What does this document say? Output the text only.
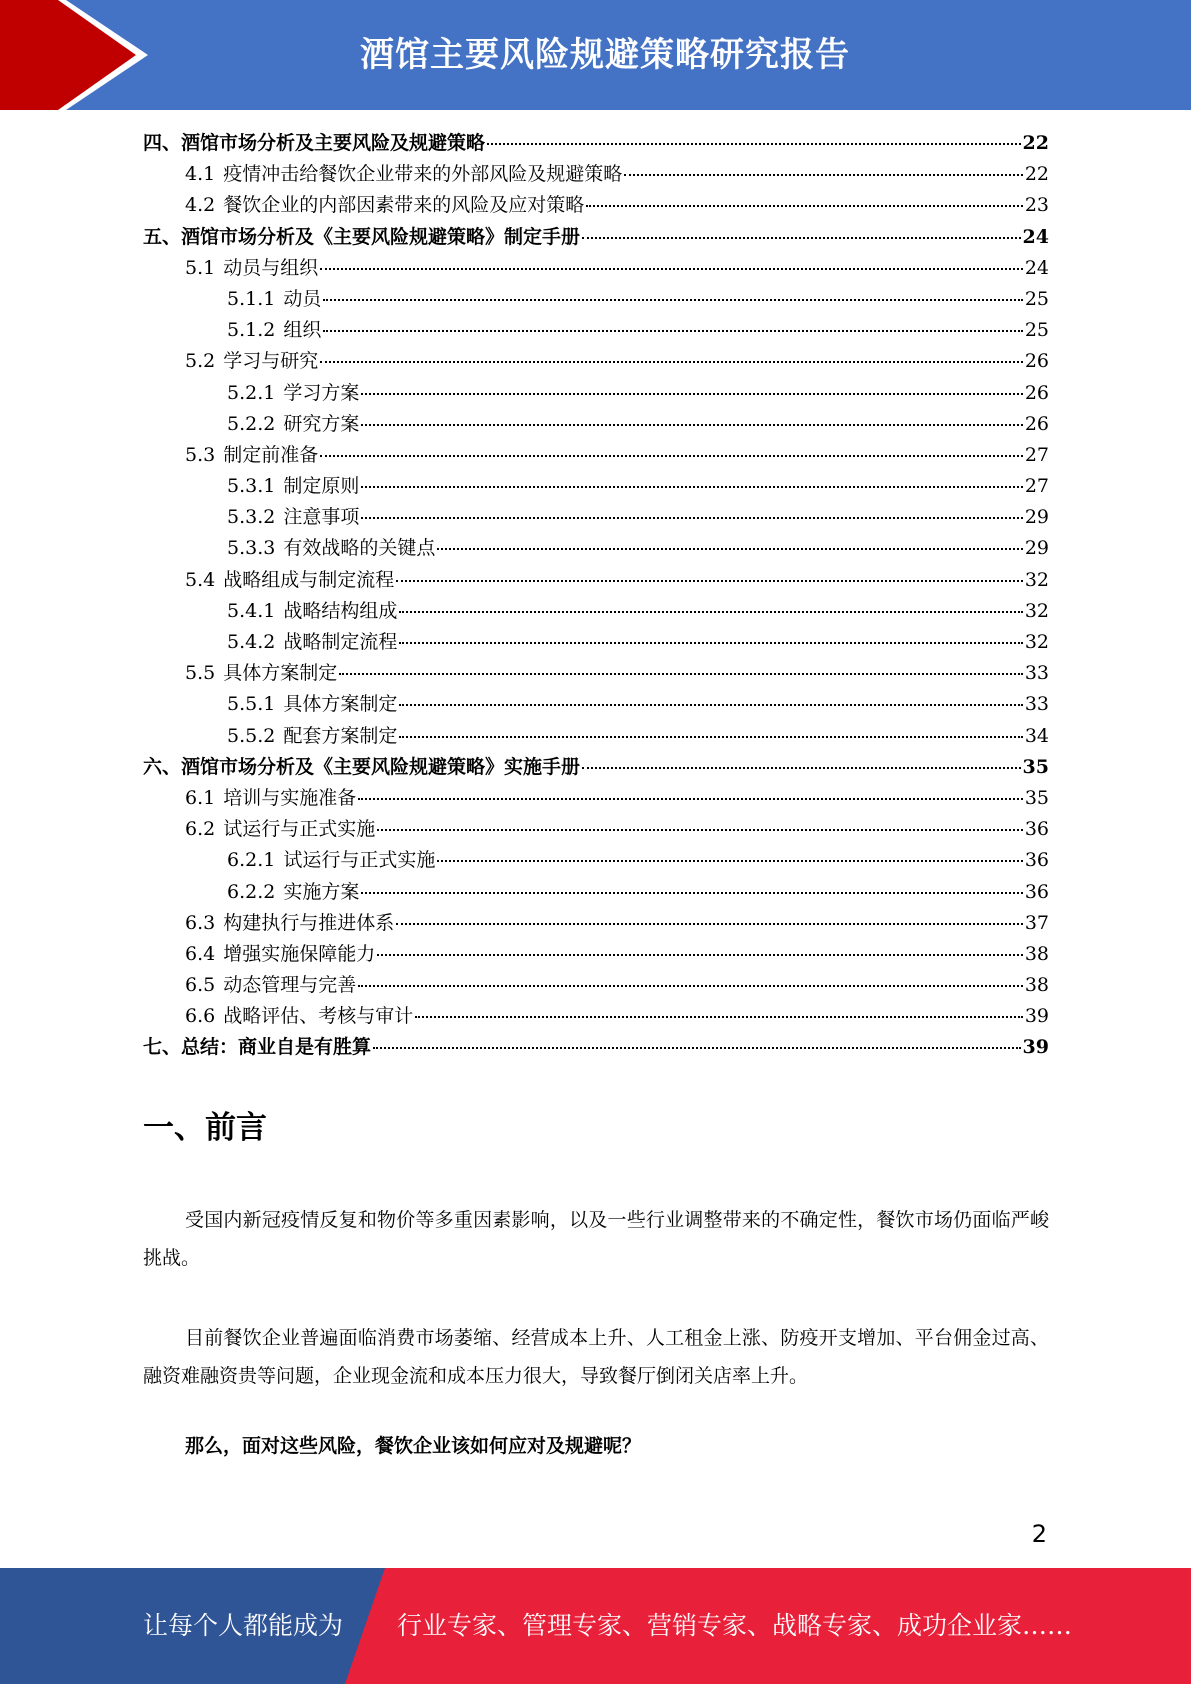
酒馆主要风险规避策略研究报告
四、 酒馆市场分析及主要风险及规避策略	22
4.1 疫情冲击给餐饮企业带来的外部风险及规避策略	22
4.2 餐饮企业的内部因素带来的风险及应对策略	23
五、 酒馆市场分析及《主要风险规避策略》制定手册	24
5.1 动员与组织	24
5.1.1 动员	25
5.1.2 组织	25
5.2 学习与研究	26
5.2.1 学习方案	26
5.2.2 研究方案	26
5.3 制定前准备	27
5.3.1 制定原则	27
5.3.2 注意事项	29
5.3.3 有效战略的关键点	29
5.4 战略组成与制定流程	32
5.4.1 战略结构组成	32
5.4.2 战略制定流程	32
5.5 具体方案制定	33
5.5.1 具体方案制定	33
5.5.2 配套方案制定	34
六、 酒馆市场分析及《主要风险规避策略》实施手册	35
6.1 培训与实施准备	35
6.2 试运行与正式实施	36
6.2.1 试运行与正式实施	36
6.2.2 实施方案	36
6.3 构建执行与推进体系	37
6.4 增强实施保障能力	38
6.5 动态管理与完善	38
6.6 战略评估、考核与审计	39
七、 总结：商业自是有胜算	39
一、前言

受国内新冠疫情反复和物价等多重因素影响，以及一些行业调整带来的不确定性，餐饮市场仍面临严峻挑战。

目前餐饮企业普遍面临消费市场萎缩、经营成本上升、人工租金上涨、防疫开支增加、平台佣金过高、融资难融资贵等问题，企业现金流和成本压力很大，导致餐厅倒闭关店率上升。

那么，面对这些风险，餐饮企业该如何应对及规避呢？

2
让每个人都能成为 行业专家、管理专家、营销专家、战略专家、成功企业家……
